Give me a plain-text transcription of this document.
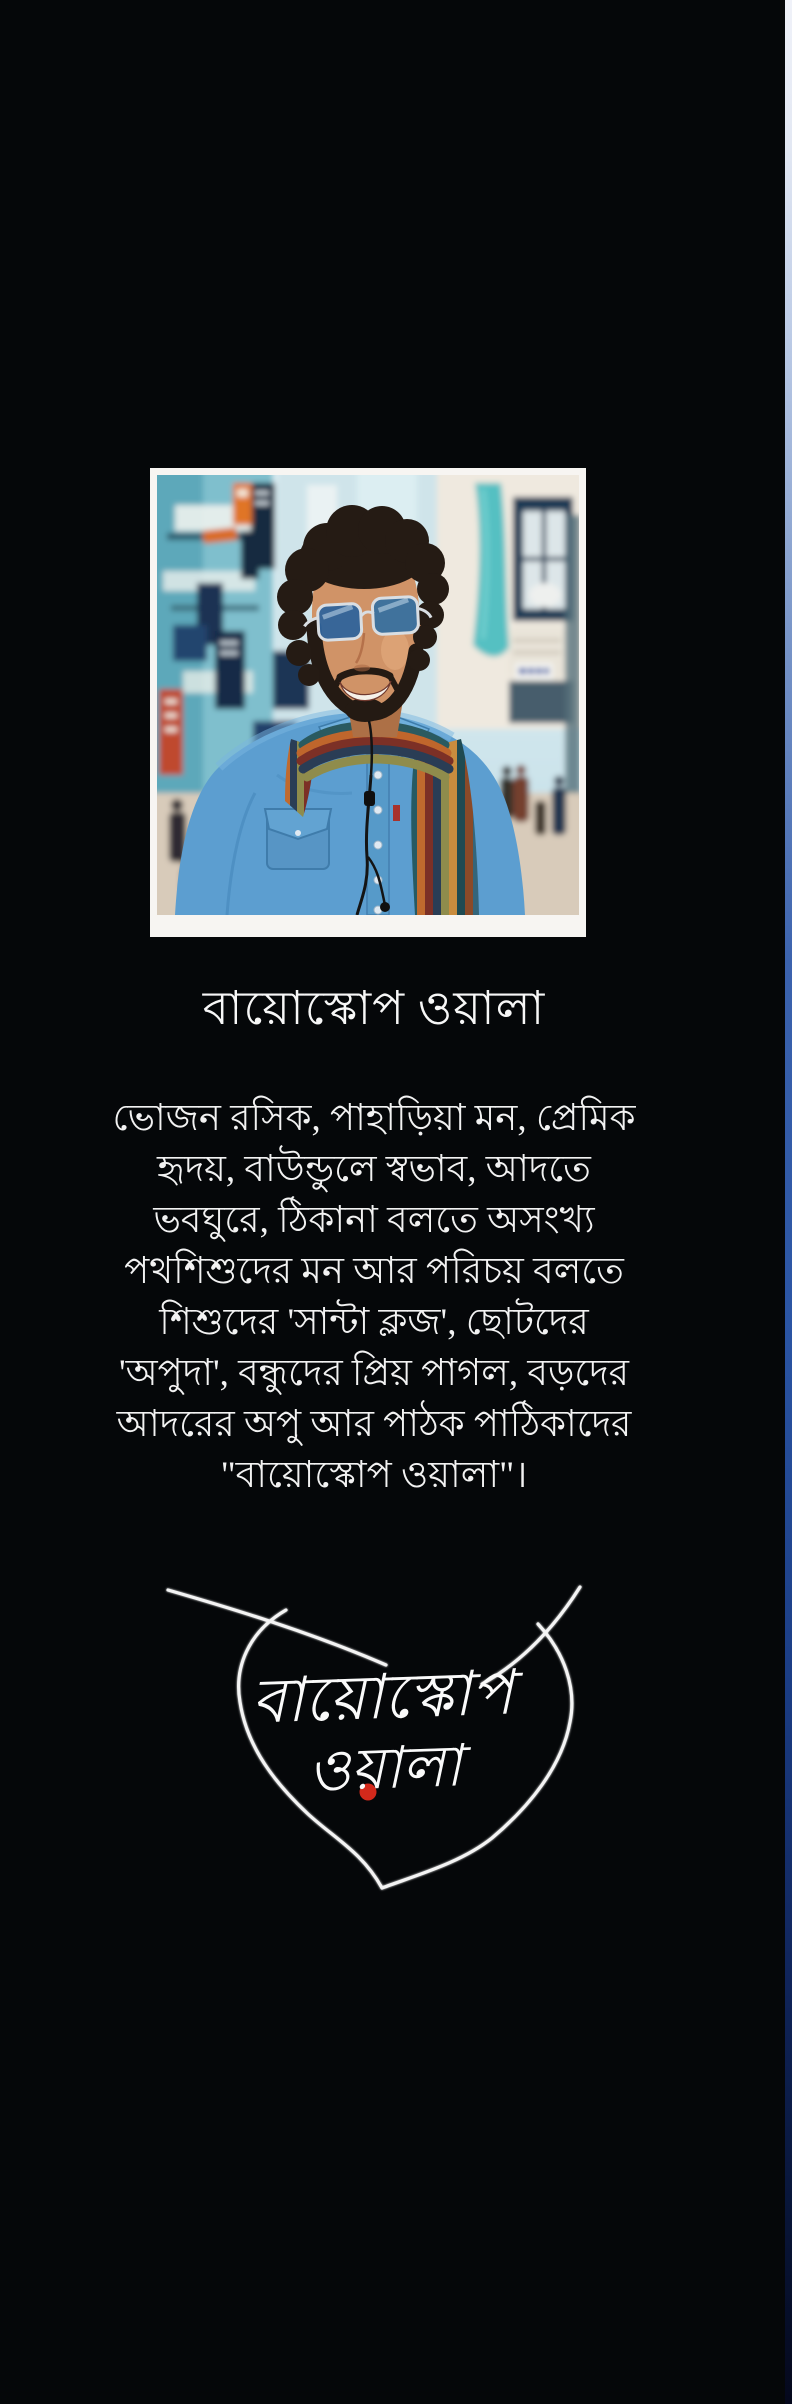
বায়োস্কোপ ওয়ালা
ভোজন রসিক, পাহাড়িয়া মন, প্রেমিক
হৃদয়, বাউন্ডুলে স্বভাব, আদতে
ভবঘুরে, ঠিকানা বলতে অসংখ্য
পথশিশুদের মন আর পরিচয় বলতে
শিশুদের 'সান্টা ক্লজ', ছোটদের
'অপুদা', বন্ধুদের প্রিয় পাগল, বড়দের
আদরের অপু আর পাঠক পাঠিকাদের
"বায়োস্কোপ ওয়ালা"।
বায়োস্কোপ
ওয়ালা
